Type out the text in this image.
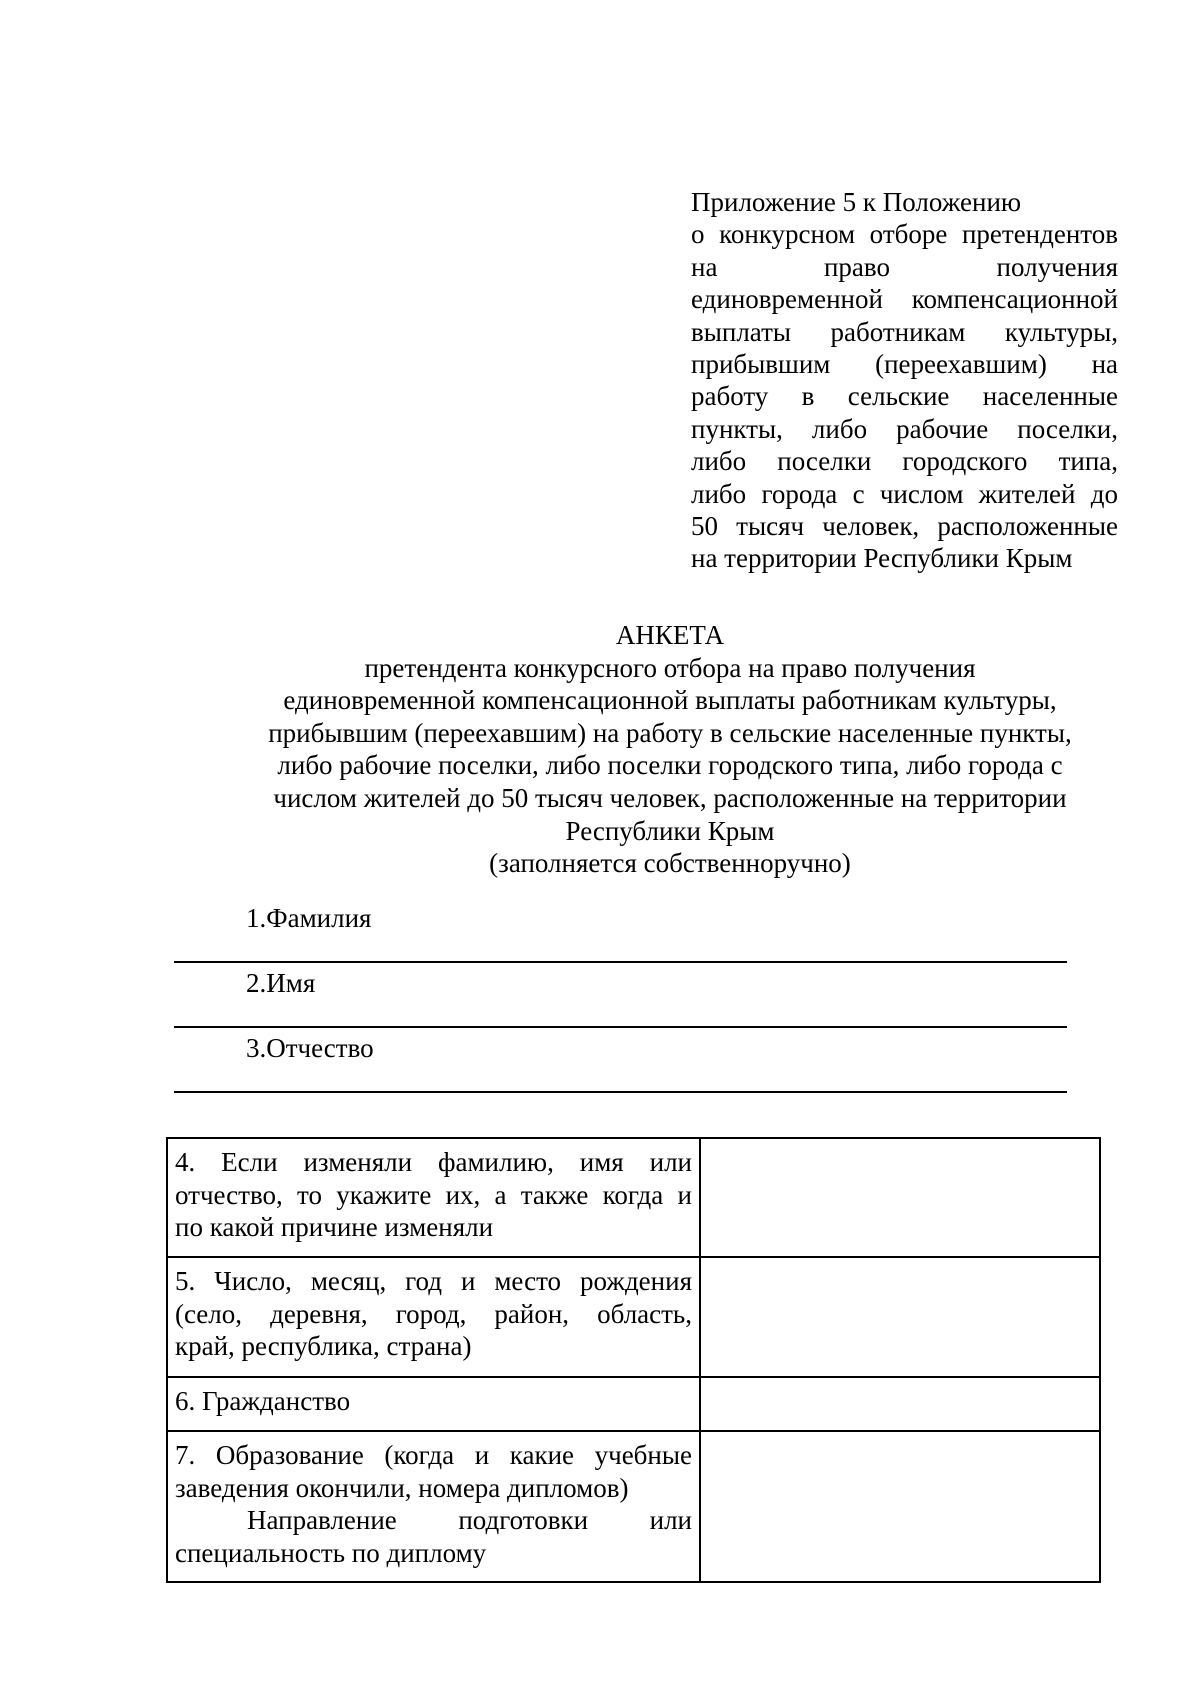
Приложение 5 к Положению
о конкурсном отборе претендентов
на право получения
единовременной компенсационной
выплаты работникам культуры,
прибывшим (переехавшим) на
работу в сельские населенные
пункты, либо рабочие поселки,
либо поселки городского типа,
либо города с числом жителей до
50 тысяч человек, расположенные
на территории Республики Крым
АНКЕТА
претендента конкурсного отбора на право получения
единовременной компенсационной выплаты работникам культуры,
прибывшим (переехавшим) на работу в сельские населенные пункты,
либо рабочие поселки, либо поселки городского типа, либо города с
числом жителей до 50 тысяч человек, расположенные на территории
Республики Крым
(заполняется собственноручно)
1.Фамилия
2.Имя
3.Отчество
4. Если изменяли фамилию, имя или
отчество, то укажите их, а также когда и
по какой причине изменяли	

5. Число, месяц, год и место рождения
(село, деревня, город, район, область,
край, республика, страна)	

6. Гражданство	

7. Образование (когда и какие учебные
заведения окончили, номера дипломов)
Направление подготовки или
специальность по диплому	
